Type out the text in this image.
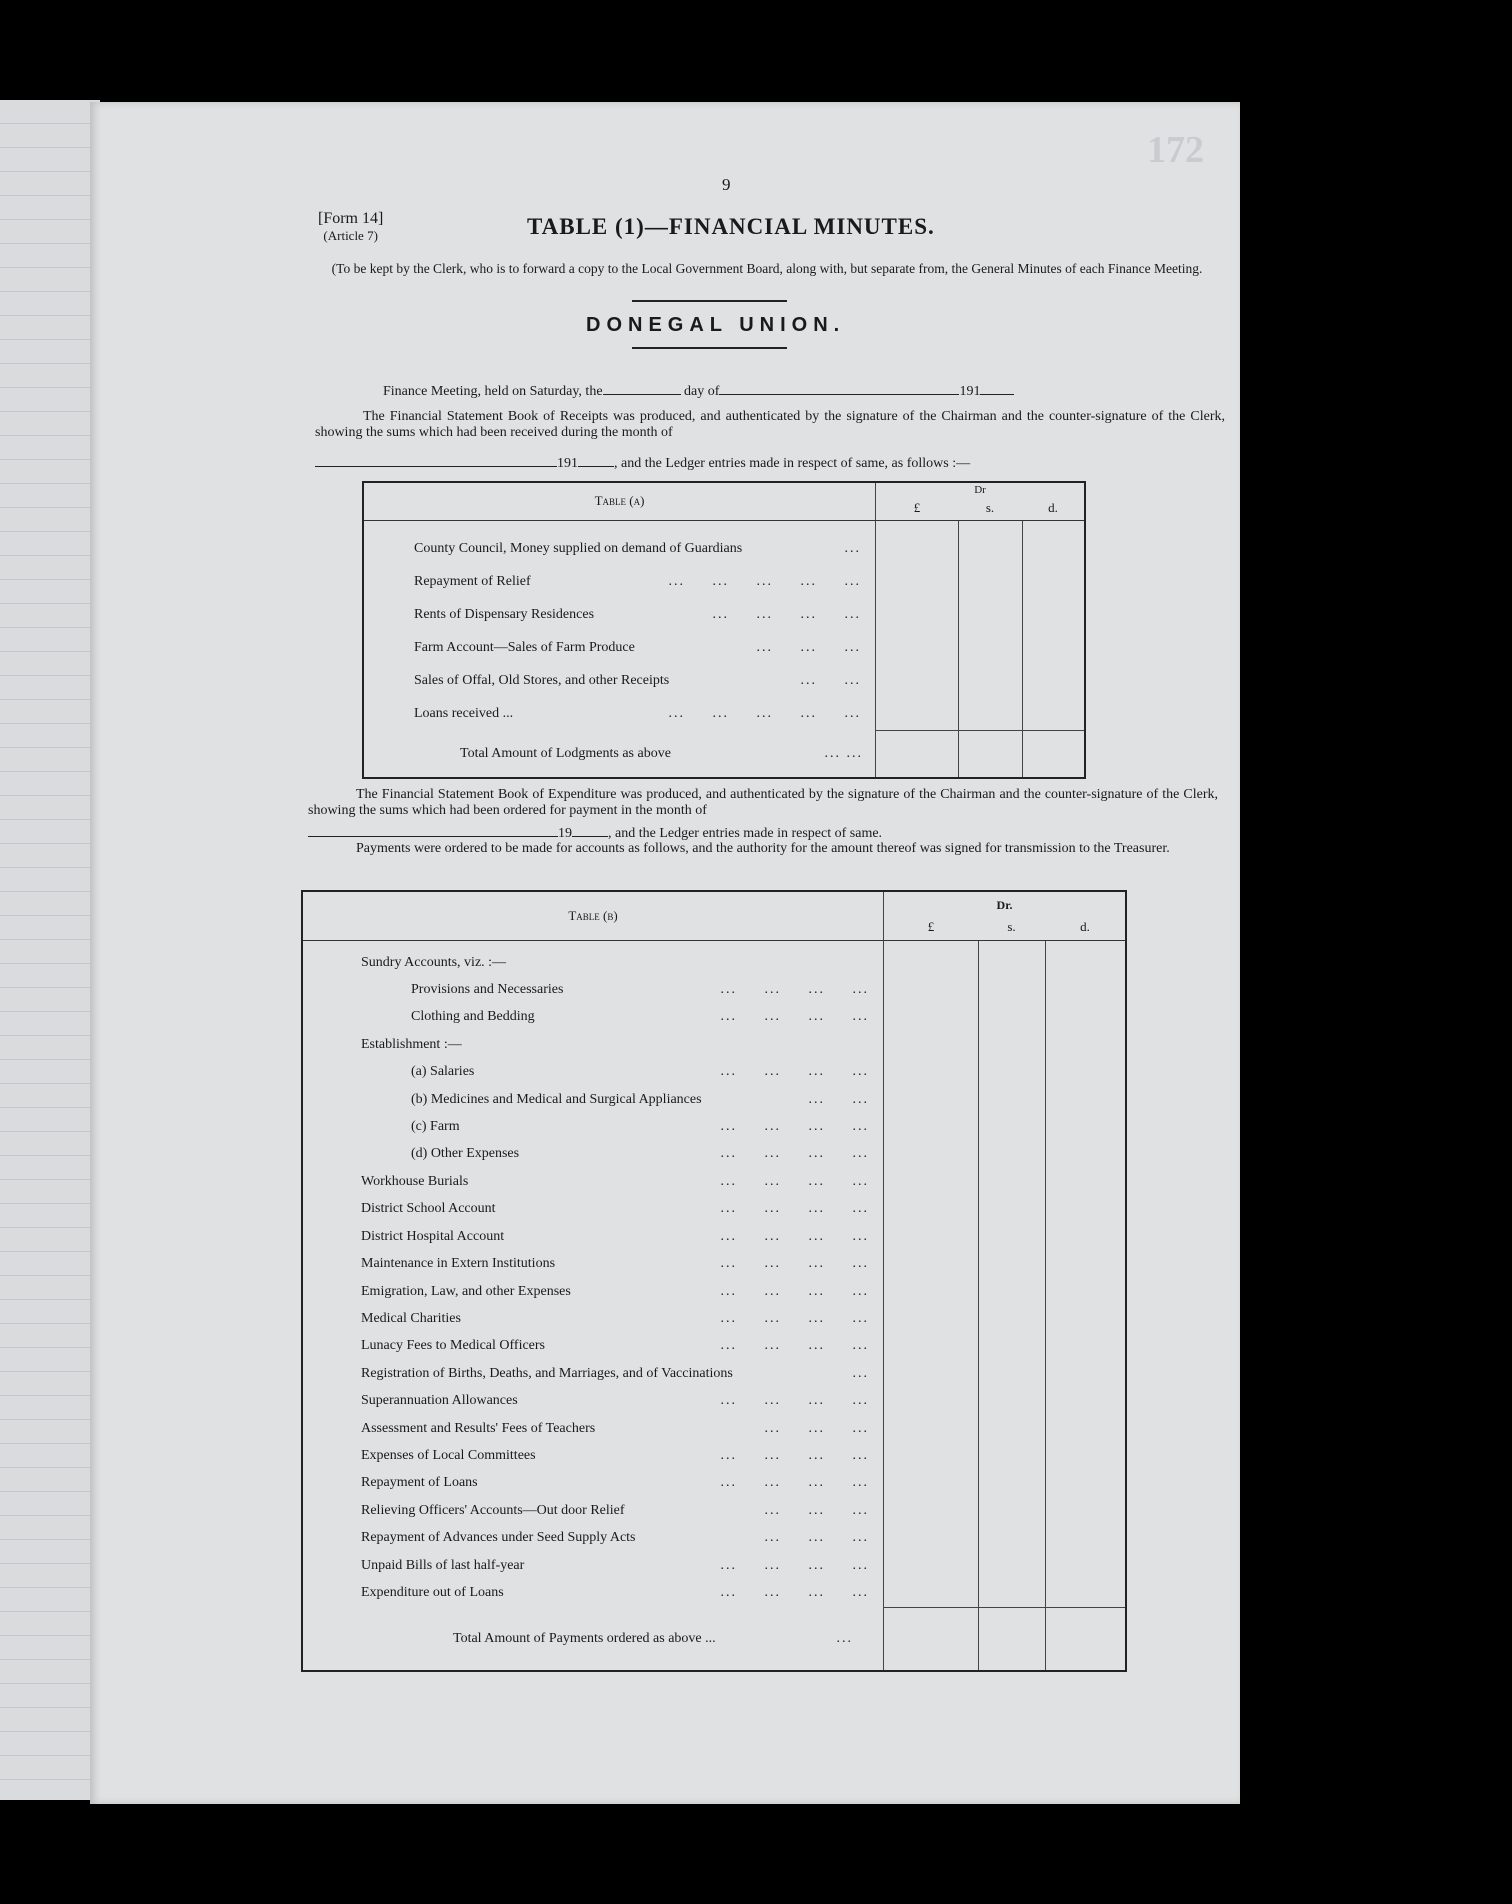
9
172
[Form 14]
(Article 7)	TABLE (1)—FINANCIAL MINUTES.
(To be kept by the Clerk, who is to forward a copy to the Local Government Board, along with, but separate from, the General Minutes of each Finance Meeting.
DONEGAL UNION.
Finance Meeting, held on Saturday, the	day of	191
The Financial Statement Book of Receipts was produced, and authenticated by the signature of the Chairman and the counter-signature of the Clerk, showing the sums which had been received during the month of
191	, and the Ledger entries made in respect of same, as follows :—
Table (a)	Dr
£ s. d.		

County Council, Money supplied on demand of Guardians ...			

Repayment of Relief ...     ...     ...     ...     ...			

Rents of Dispensary Residences ...     ...     ...     ...			

Farm Account—Sales of Farm Produce ...     ...     ...			

Sales of Offal, Old Stores, and other Receipts ...     ...			

Loans received ... ...     ...     ...     ...     ...			

Total Amount of Lodgments as above ... ...			

The Financial Statement Book of Expenditure was produced, and authenticated by the signature of the Chairman and the counter-signature of the Clerk, showing the sums which had been ordered for payment in the month of
19	, and the Ledger entries made in respect of same.
Payments were ordered to be made for accounts as follows, and the authority for the amount thereof was signed for transmission to the Treasurer.
Table (b)	Dr.
£ s. d.		

Sundry Accounts, viz. :—

Provisions and Necessaries ...     ...     ...     ...			

Clothing and Bedding ...     ...     ...     ...			

Establishment :—

(a) Salaries ...     ...     ...     ...			

(b) Medicines and Medical and Surgical Appliances ...     ...			

(c) Farm ...     ...     ...     ...			

(d) Other Expenses ...     ...     ...     ...			

Workhouse Burials ...     ...     ...     ...			

District School Account ...     ...     ...     ...			

District Hospital Account ...     ...     ...     ...			

Maintenance in Extern Institutions ...     ...     ...     ...			

Emigration, Law, and other Expenses ...     ...     ...     ...			

Medical Charities ...     ...     ...     ...			

Lunacy Fees to Medical Officers ...     ...     ...     ...			

Registration of Births, Deaths, and Marriages, and of Vaccinations ...			

Superannuation Allowances ...     ...     ...     ...			

Assessment and Results' Fees of Teachers ...     ...     ...			

Expenses of Local Committees ...     ...     ...     ...			

Repayment of Loans ...     ...     ...     ...			

Relieving Officers' Accounts—Out door Relief ...     ...     ...			

Repayment of Advances under Seed Supply Acts ...     ...     ...			

Unpaid Bills of last half-year ...     ...     ...     ...			

Expenditure out of Loans ...     ...     ...     ...			

Total Amount of Payments ordered as above ... ...			
